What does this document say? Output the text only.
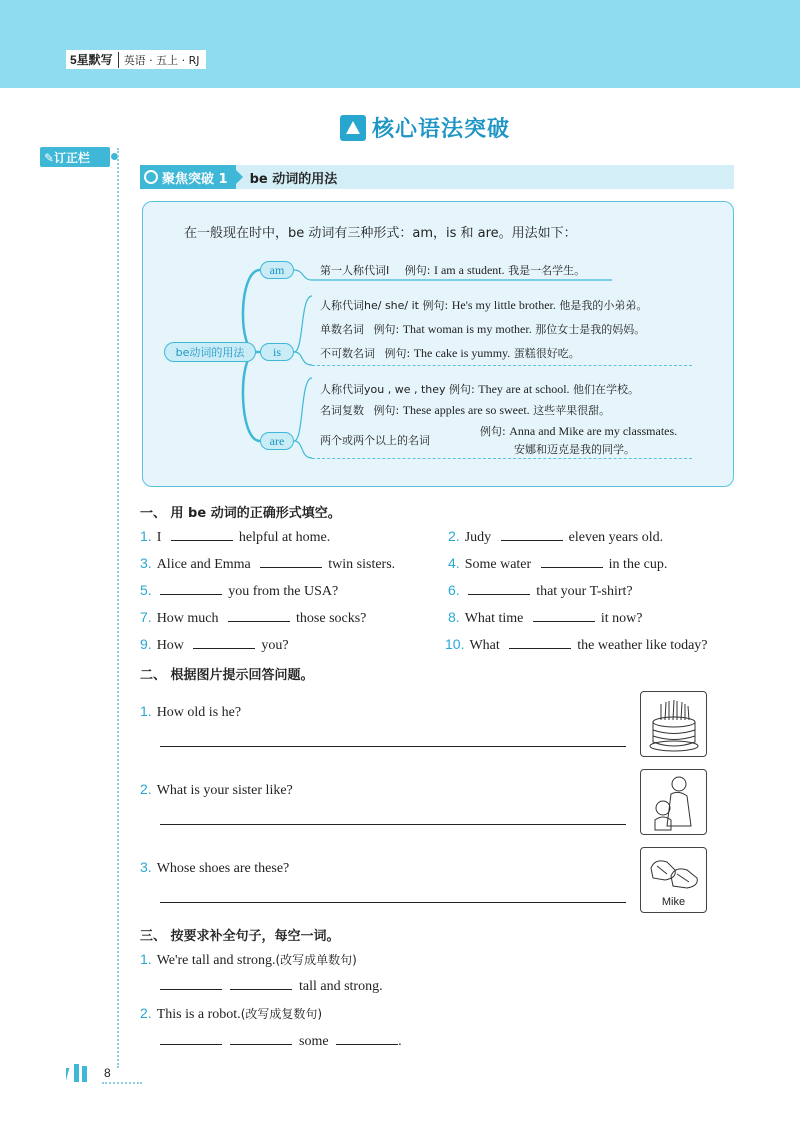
5星默写	英语 · 五上 · RJ
✎订正栏
核心语法突破
聚焦突破 1 be 动词的用法
在一般现在时中，be 动词有三种形式：am，is 和 are。用法如下：
be动词的用法
am
is
are
第一人称代词I 例句: I am a student. 我是一名学生。
人称代词he/ she/ it 例句: He's my little brother. 他是我的小弟弟。
单数名词 例句: That woman is my mother. 那位女士是我的妈妈。
不可数名词 例句: The cake is yummy. 蛋糕很好吃。
人称代词you , we , they 例句: They are at school. 他们在学校。
名词复数 例句: These apples are so sweet. 这些苹果很甜。
两个或两个以上的名词
例句: Anna and Mike are my classmates.
安娜和迈克是我的同学。
一、 用 be 动词的正确形式填空。
1. I	helpful at home.	2. Judy	eleven years old.
3. Alice and Emma	twin sisters.	4. Some water	in the cup.
5.	you from the USA?	6.	that your T-shirt?
7. How much	those socks?	8. What time	it now?
9. How	you?	10. What	the weather like today?
二、 根据图片提示回答问题。
1. How old is he?
2. What is your sister like?
3. Whose shoes are these?
Mike
三、 按要求补全句子，每空一词。
1. We're tall and strong.(改写成单数句)
tall and strong.
2. This is a robot.(改写成复数句)
some	.
8
